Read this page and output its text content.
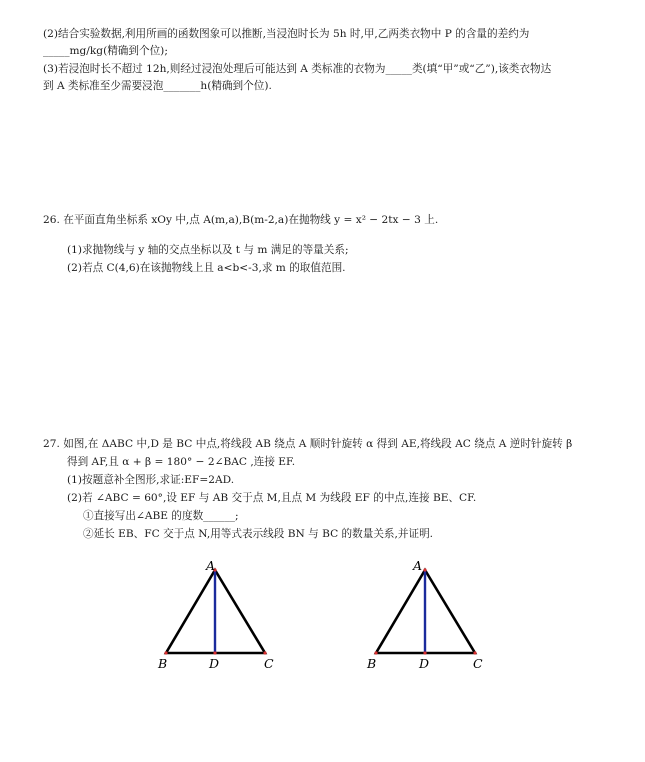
(2)结合实验数据,利用所画的函数图象可以推断,当浸泡时长为 5h 时,甲,乙两类衣物中 P 的含量的差约为
_____mg/kg(精确到个位);
(3)若浸泡时长不超过 12h,则经过浸泡处理后可能达到 A 类标准的衣物为_____类(填“甲”或“乙”),该类衣物达
到 A 类标准至少需要浸泡_______h(精确到个位).
26. 在平面直角坐标系 xOy 中,点 A(m,a),B(m-2,a)在抛物线 y = x² − 2tx − 3 上.
(1)求抛物线与 y 轴的交点坐标以及 t 与 m 满足的等量关系;
(2)若点 C(4,6)在该抛物线上且 a<b<-3,求 m 的取值范围.
27. 如图,在 ΔABC 中,D 是 BC 中点,将线段 AB 绕点 A 顺时针旋转 α 得到 AE,将线段 AC 绕点 A 逆时针旋转 β
得到 AF,且 α + β = 180° − 2∠BAC ,连接 EF.
(1)按题意补全图形,求证:EF=2AD.
(2)若 ∠ABC = 60°,设 EF 与 AB 交于点 M,且点 M 为线段 EF 的中点,连接 BE、CF.
①直接写出∠ABE 的度数______;
②延长 EB、FC 交于点 N,用等式表示线段 BN 与 BC 的数量关系,并证明.
A
B	D	C
A
B	D	C
